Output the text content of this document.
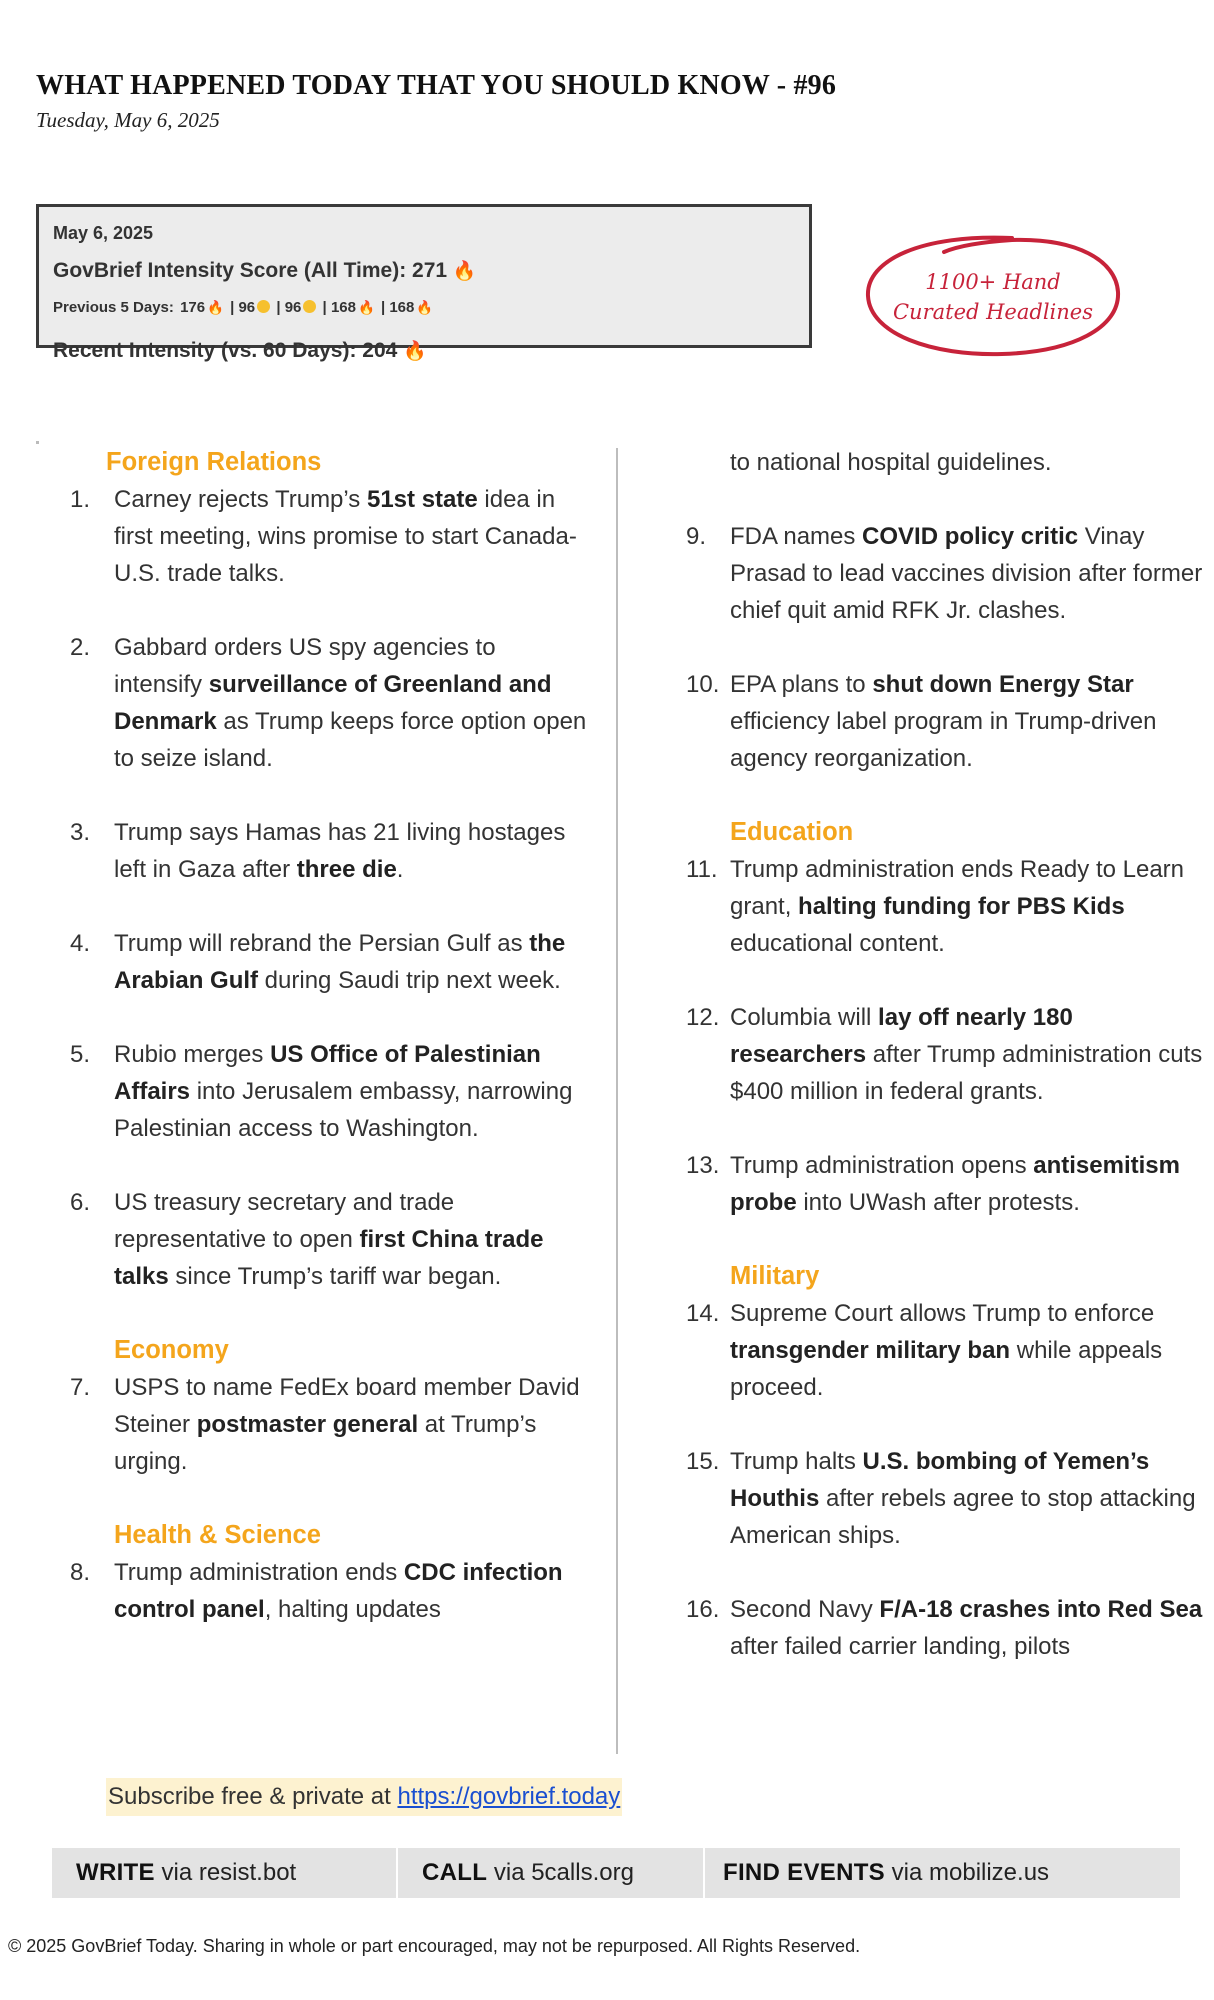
WHAT HAPPENED TODAY THAT YOU SHOULD KNOW - #96
Tuesday, May 6, 2025
May 6, 2025
GovBrief Intensity Score (All Time): 271 🔥
Previous 5 Days: 176 🔥 | 96 | 96 | 168 🔥 | 168 🔥
Recent Intensity (vs. 60 Days): 204 🔥
1100+ Hand
Curated Headlines
Foreign Relations
1. Carney rejects Trump’s 51st state idea in first meeting, wins promise to start Canada-U.S. trade talks.
2. Gabbard orders US spy agencies to intensify surveillance of Greenland and Denmark as Trump keeps force option open to seize island.
3. Trump says Hamas has 21 living hostages left in Gaza after three die.
4. Trump will rebrand the Persian Gulf as the Arabian Gulf during Saudi trip next week.
5. Rubio merges US Office of Palestinian Affairs into Jerusalem embassy, narrowing Palestinian access to Washington.
6. US treasury secretary and trade representative to open first China trade talks since Trump’s tariff war began.
Economy
7. USPS to name FedEx board member David Steiner postmaster general at Trump’s urging.
Health & Science
8. Trump administration ends CDC infection control panel, halting updates
to national hospital guidelines.
9. FDA names COVID policy critic Vinay Prasad to lead vaccines division after former chief quit amid RFK Jr. clashes.
10. EPA plans to shut down Energy Star efficiency label program in Trump-driven agency reorganization.
Education
11. Trump administration ends Ready to Learn grant, halting funding for PBS Kids educational content.
12. Columbia will lay off nearly 180 researchers after Trump administration cuts $400 million in federal grants.
13. Trump administration opens antisemitism probe into UWash after protests.
Military
14. Supreme Court allows Trump to enforce transgender military ban while appeals proceed.
15. Trump halts U.S. bombing of Yemen’s Houthis after rebels agree to stop attacking American ships.
16. Second Navy F/A-18 crashes into Red Sea after failed carrier landing, pilots
Subscribe free & private at https://govbrief.today
WRITE via resist.bot	CALL via 5calls.org	FIND EVENTS via mobilize.us
© 2025 GovBrief Today. Sharing in whole or part encouraged, may not be repurposed. All Rights Reserved.
